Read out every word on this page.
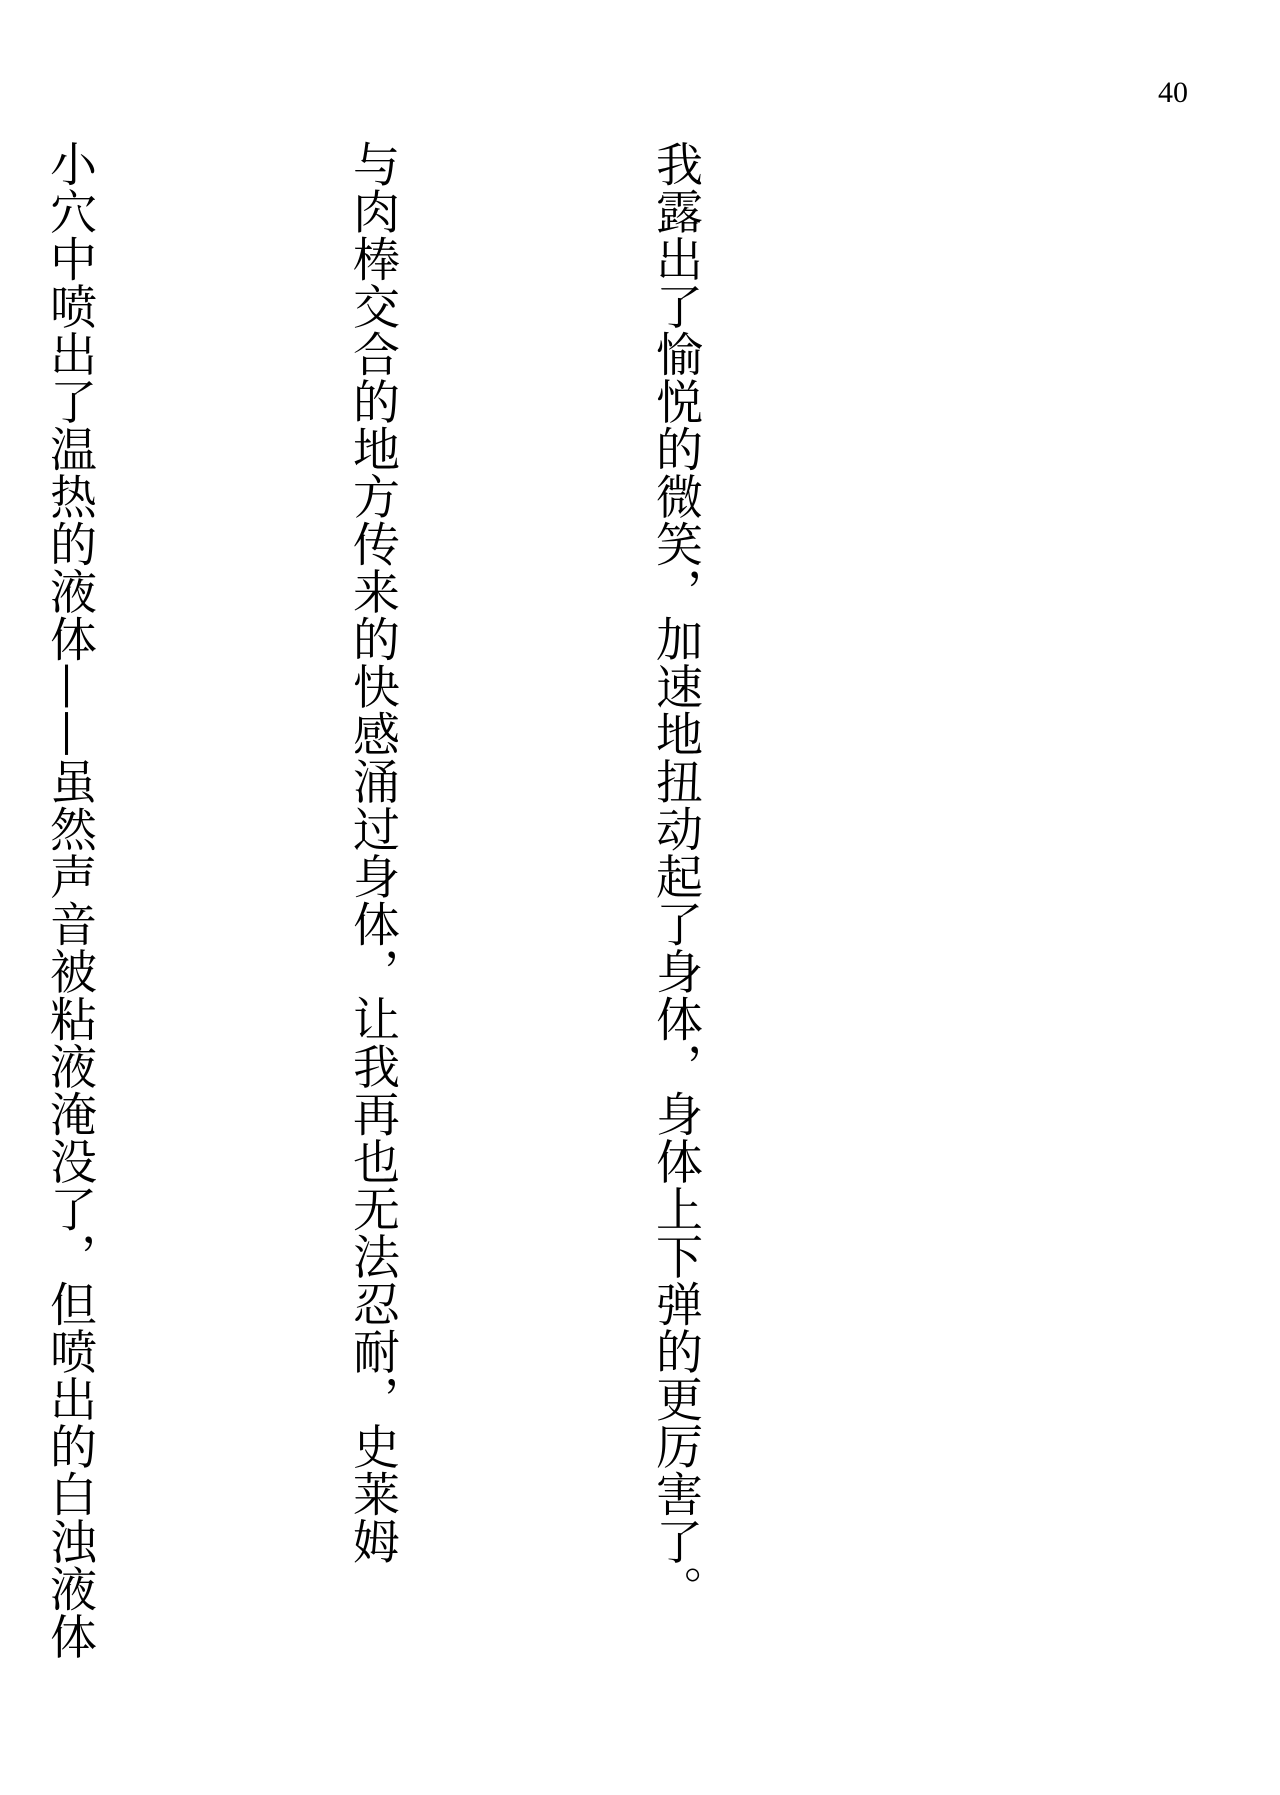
40

我露出了愉悦的微笑，加速地扭动起了身体，身体上下弹的更厉害了。

与肉棒交合的地方传来的快感涌过身体，让我再也无法忍耐，史莱姆

小穴中喷出了温热的液体——虽然声音被粘液淹没了，但喷出的白浊液体
